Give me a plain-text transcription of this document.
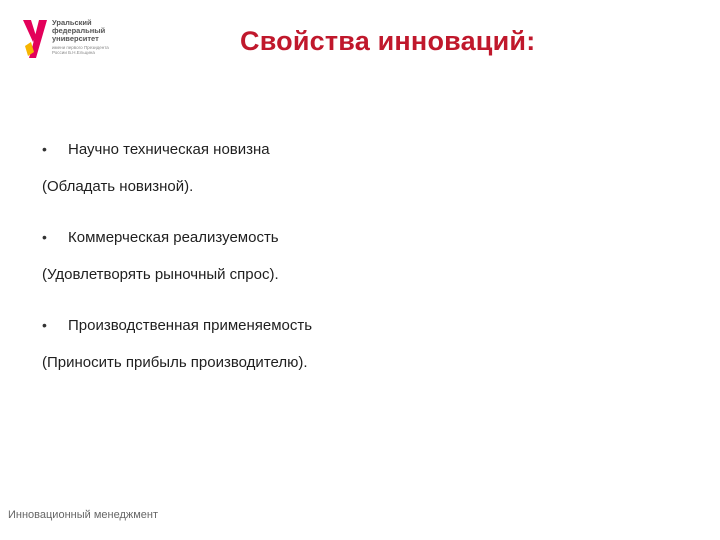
Уральский
федеральный
университет
имени первого Президента
России Б.Н.Ельцина	Свойства инноваций:
•	Научно техническая новизна
(Обладать новизной).
•	Коммерческая реализуемость
(Удовлетворять рыночный спрос).
•	Производственная применяемость
(Приносить прибыль производителю).
Инновационный менеджмент
